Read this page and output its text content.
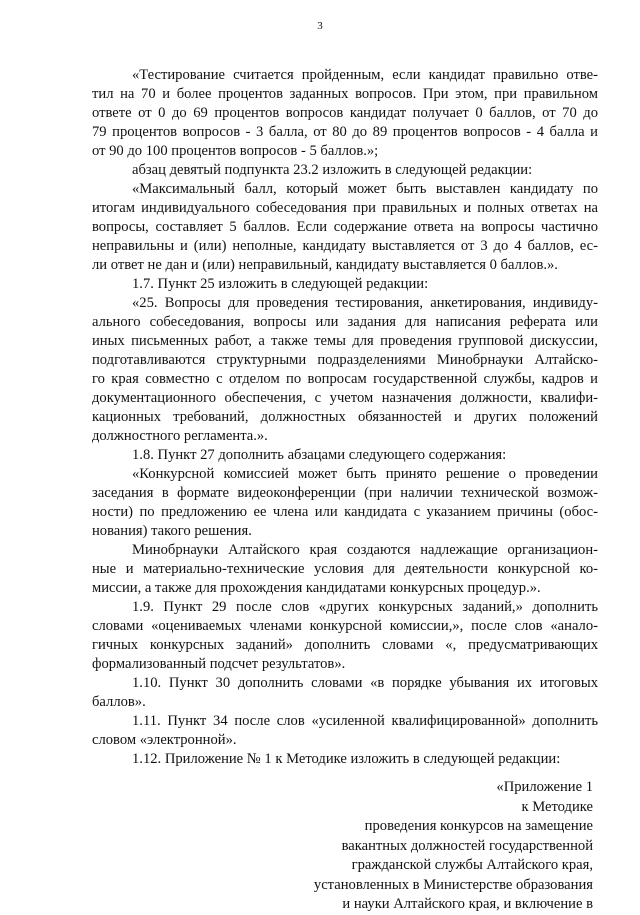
3
«Тестирование считается пройденным, если кандидат правильно отве-
тил на 70 и более процентов заданных вопросов. При этом, при правильном
ответе от 0 до 69 процентов вопросов кандидат получает 0 баллов, от 70 до
79 процентов вопросов - 3 балла, от 80 до 89 процентов вопросов - 4 балла и
от 90 до 100 процентов вопросов - 5 баллов.»;
абзац девятый подпункта 23.2 изложить в следующей редакции:
«Максимальный балл, который может быть выставлен кандидату по
итогам индивидуального собеседования при правильных и полных ответах на
вопросы, составляет 5 баллов. Если содержание ответа на вопросы частично
неправильны и (или) неполные, кандидату выставляется от 3 до 4 баллов, ес-
ли ответ не дан и (или) неправильный, кандидату выставляется 0 баллов.».
1.7. Пункт 25 изложить в следующей редакции:
«25. Вопросы для проведения тестирования, анкетирования, индивиду-
ального собеседования, вопросы или задания для написания реферата или
иных письменных работ, а также темы для проведения групповой дискуссии,
подготавливаются структурными подразделениями Минобрнауки Алтайско-
го края совместно с отделом по вопросам государственной службы, кадров и
документационного обеспечения, с учетом назначения должности, квалифи-
кационных требований, должностных обязанностей и других положений
должностного регламента.».
1.8. Пункт 27 дополнить абзацами следующего содержания:
«Конкурсной комиссией может быть принято решение о проведении
заседания в формате видеоконференции (при наличии технической возмож-
ности) по предложению ее члена или кандидата с указанием причины (обос-
нования) такого решения.
Минобрнауки Алтайского края создаются надлежащие организацион-
ные и материально-технические условия для деятельности конкурсной ко-
миссии, а также для прохождения кандидатами конкурсных процедур.».
1.9. Пункт 29 после слов «других конкурсных заданий,» дополнить
словами «оцениваемых членами конкурсной комиссии,», после слов «анало-
гичных конкурсных заданий» дополнить словами «, предусматривающих
формализованный подсчет результатов».
1.10. Пункт 30 дополнить словами «в порядке убывания их итоговых
баллов».
1.11. Пункт 34 после слов «усиленной квалифицированной» дополнить
словом «электронной».
1.12. Приложение № 1 к Методике изложить в следующей редакции:
«Приложение 1
к Методике
проведения конкурсов на замещение
вакантных должностей государственной
гражданской службы Алтайского края,
установленных в Министерстве образования
и науки Алтайского края, и включение в
